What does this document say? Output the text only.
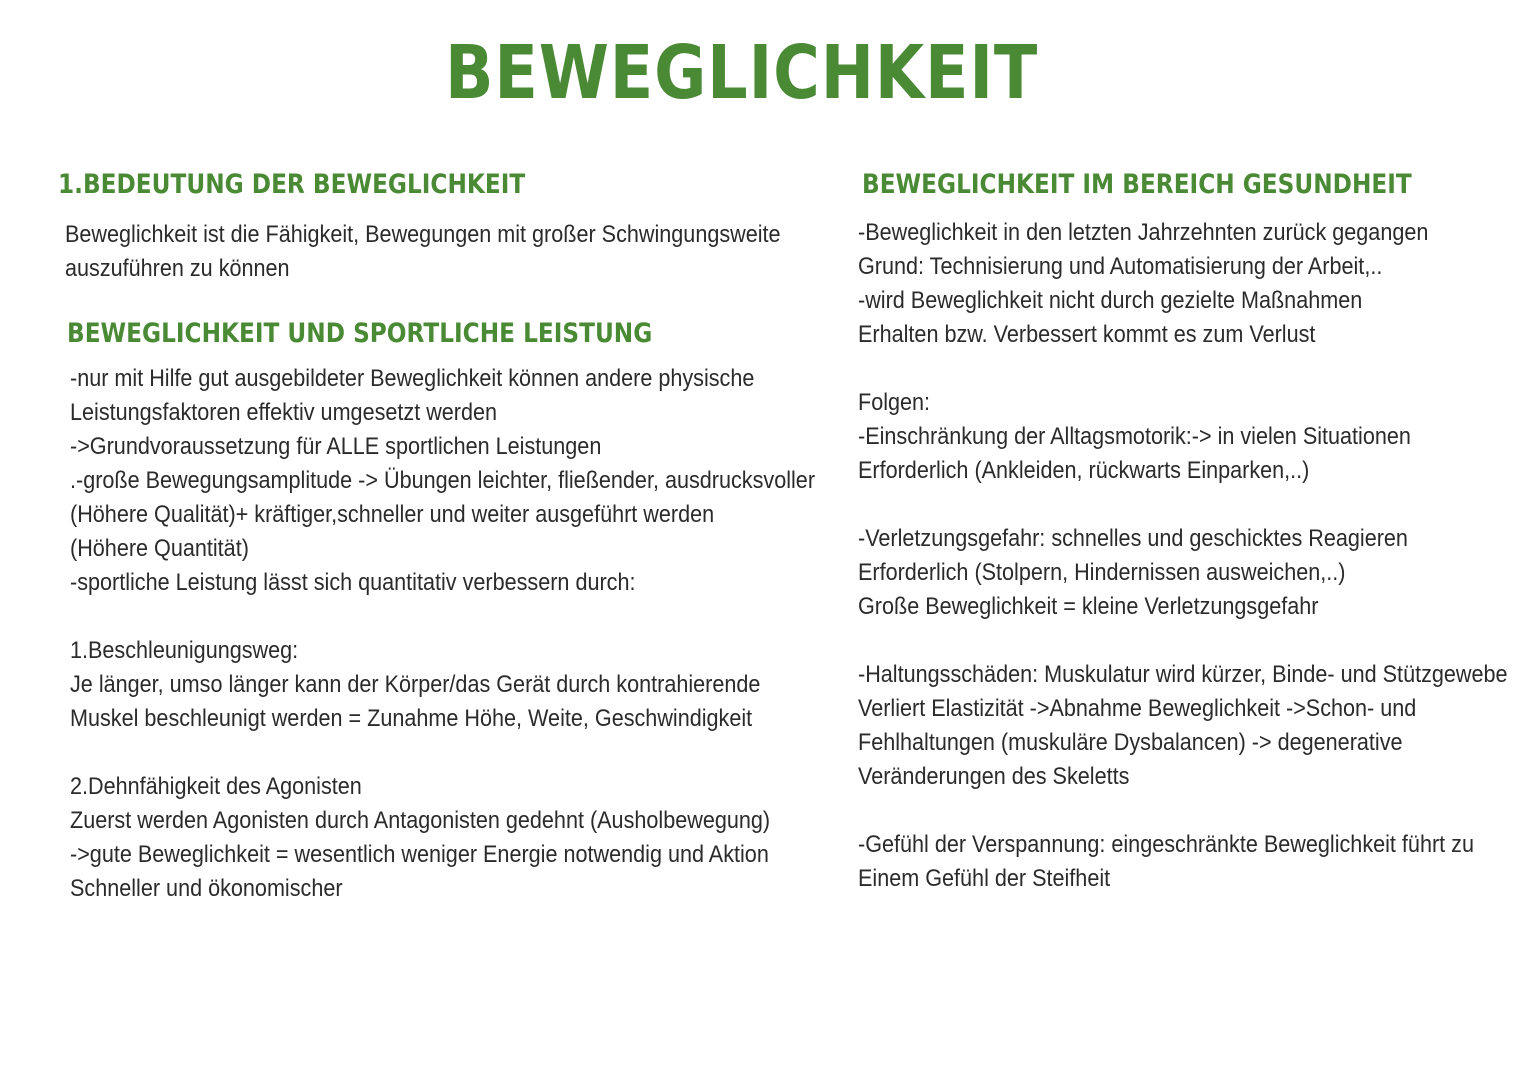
BEWEGLICHKEIT
1.BEDEUTUNG DER BEWEGLICHKEIT
Beweglichkeit ist die Fähigkeit, Bewegungen mit großer Schwingungsweite
auszuführen zu können
BEWEGLICHKEIT UND SPORTLICHE LEISTUNG
-nur mit Hilfe gut ausgebildeter Beweglichkeit können andere physische
Leistungsfaktoren effektiv umgesetzt werden
->Grundvoraussetzung für ALLE sportlichen Leistungen
.-große Bewegungsamplitude -> Übungen leichter, fließender, ausdrucksvoller
(Höhere Qualität)+ kräftiger,schneller und weiter ausgeführt werden
(Höhere Quantität)
-sportliche Leistung lässt sich quantitativ verbessern durch:
1.Beschleunigungsweg:
Je länger, umso länger kann der Körper/das Gerät durch kontrahierende
Muskel beschleunigt werden = Zunahme Höhe, Weite, Geschwindigkeit
2.Dehnfähigkeit des Agonisten
Zuerst werden Agonisten durch Antagonisten gedehnt (Ausholbewegung)
->gute Beweglichkeit = wesentlich weniger Energie notwendig und Aktion
Schneller und ökonomischer
BEWEGLICHKEIT IM BEREICH GESUNDHEIT
-Beweglichkeit in den letzten Jahrzehnten zurück gegangen
Grund: Technisierung und Automatisierung der Arbeit,..
-wird Beweglichkeit nicht durch gezielte Maßnahmen
Erhalten bzw. Verbessert kommt es zum Verlust
Folgen:
-Einschränkung der Alltagsmotorik:-> in vielen Situationen
Erforderlich (Ankleiden, rückwarts Einparken,..)
-Verletzungsgefahr: schnelles und geschicktes Reagieren
Erforderlich (Stolpern, Hindernissen ausweichen,..)
Große Beweglichkeit = kleine Verletzungsgefahr
-Haltungsschäden: Muskulatur wird kürzer, Binde- und Stützgewebe
Verliert Elastizität ->Abnahme Beweglichkeit ->Schon- und
Fehlhaltungen (muskuläre Dysbalancen) -> degenerative
Veränderungen des Skeletts
-Gefühl der Verspannung: eingeschränkte Beweglichkeit führt zu
Einem Gefühl der Steifheit
